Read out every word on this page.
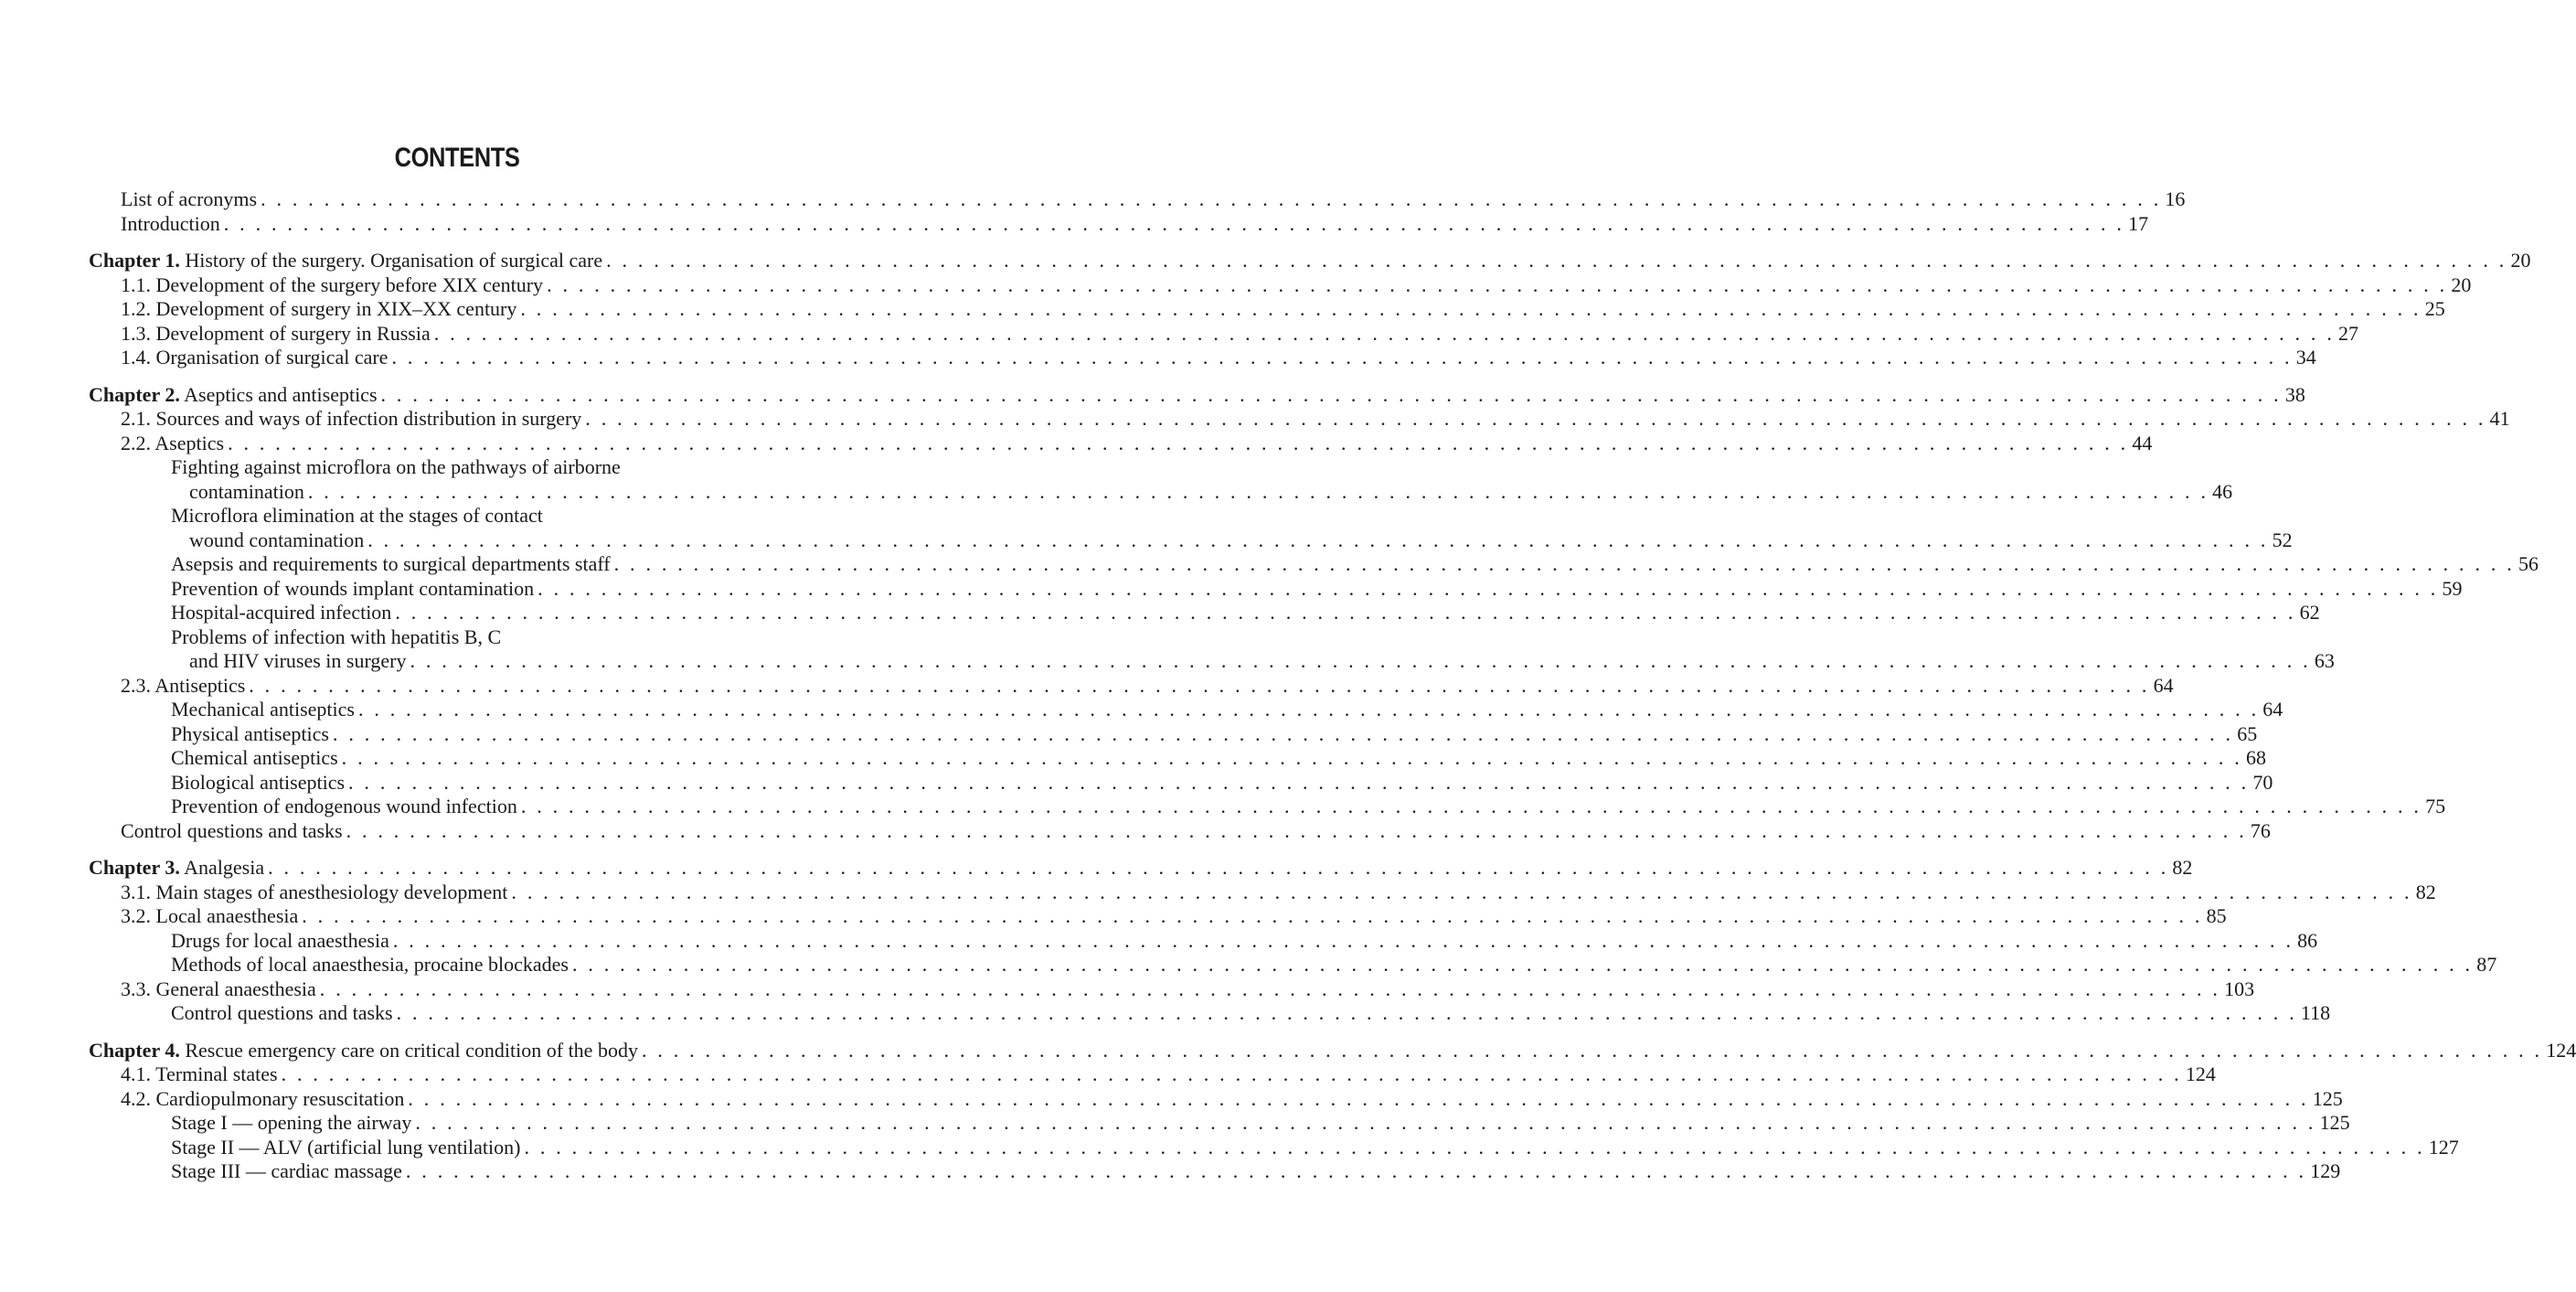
CONTENTS
List of acronyms . . . . . . . . . . . . . . . . . . . . . . . . . . . . . . . . . . . . . . . . . . . . . . . . . . . . . . . . . . . . . . . . . . . . . . . . . . . . . . . . . . . . . . . . . . . . . . . . . . . . . . . . . . . . . . . . . . . . . . . . 16
Introduction . . . . . . . . . . . . . . . . . . . . . . . . . . . . . . . . . . . . . . . . . . . . . . . . . . . . . . . . . . . . . . . . . . . . . . . . . . . . . . . . . . . . . . . . . . . . . . . . . . . . . . . . . . . . . . . . . . . . . . . . 17
Chapter 1. History of the surgery. Organisation of surgical care . . . . . . . . . . . . . . . . . . . . . . . . . . . . . . . . . . . . . . . . . . . . . . . . . . . . . . . . . . . . . . . . . . . . . . . . . . . . . . . . . . . . . . . . . . . . . . . . . . . . . . . . . . . . . . . . . . . . . . . . 20
1.1. Development of the surgery before XIX century . . . . . . . . . . . . . . . . . . . . . . . . . . . . . . . . . . . . . . . . . . . . . . . . . . . . . . . . . . . . . . . . . . . . . . . . . . . . . . . . . . . . . . . . . . . . . . . . . . . . . . . . . . . . . . . . . . . . . . . . 20
1.2. Development of surgery in XIX–XX century . . . . . . . . . . . . . . . . . . . . . . . . . . . . . . . . . . . . . . . . . . . . . . . . . . . . . . . . . . . . . . . . . . . . . . . . . . . . . . . . . . . . . . . . . . . . . . . . . . . . . . . . . . . . . . . . . . . . . . . . 25
1.3. Development of surgery in Russia . . . . . . . . . . . . . . . . . . . . . . . . . . . . . . . . . . . . . . . . . . . . . . . . . . . . . . . . . . . . . . . . . . . . . . . . . . . . . . . . . . . . . . . . . . . . . . . . . . . . . . . . . . . . . . . . . . . . . . . . 27
1.4. Organisation of surgical care . . . . . . . . . . . . . . . . . . . . . . . . . . . . . . . . . . . . . . . . . . . . . . . . . . . . . . . . . . . . . . . . . . . . . . . . . . . . . . . . . . . . . . . . . . . . . . . . . . . . . . . . . . . . . . . . . . . . . . . . 34
Chapter 2. Aseptics and antiseptics . . . . . . . . . . . . . . . . . . . . . . . . . . . . . . . . . . . . . . . . . . . . . . . . . . . . . . . . . . . . . . . . . . . . . . . . . . . . . . . . . . . . . . . . . . . . . . . . . . . . . . . . . . . . . . . . . . . . . . . . 38
2.1. Sources and ways of infection distribution in surgery . . . . . . . . . . . . . . . . . . . . . . . . . . . . . . . . . . . . . . . . . . . . . . . . . . . . . . . . . . . . . . . . . . . . . . . . . . . . . . . . . . . . . . . . . . . . . . . . . . . . . . . . . . . . . . . . . . . . . . . . 41
2.2. Aseptics . . . . . . . . . . . . . . . . . . . . . . . . . . . . . . . . . . . . . . . . . . . . . . . . . . . . . . . . . . . . . . . . . . . . . . . . . . . . . . . . . . . . . . . . . . . . . . . . . . . . . . . . . . . . . . . . . . . . . . . . 44
Fighting against microflora on the pathways of airborne
contamination . . . . . . . . . . . . . . . . . . . . . . . . . . . . . . . . . . . . . . . . . . . . . . . . . . . . . . . . . . . . . . . . . . . . . . . . . . . . . . . . . . . . . . . . . . . . . . . . . . . . . . . . . . . . . . . . . . . . . . . . 46
Microflora elimination at the stages of contact
wound contamination . . . . . . . . . . . . . . . . . . . . . . . . . . . . . . . . . . . . . . . . . . . . . . . . . . . . . . . . . . . . . . . . . . . . . . . . . . . . . . . . . . . . . . . . . . . . . . . . . . . . . . . . . . . . . . . . . . . . . . . . 52
Asepsis and requirements to surgical departments staff . . . . . . . . . . . . . . . . . . . . . . . . . . . . . . . . . . . . . . . . . . . . . . . . . . . . . . . . . . . . . . . . . . . . . . . . . . . . . . . . . . . . . . . . . . . . . . . . . . . . . . . . . . . . . . . . . . . . . . . . 56
Prevention of wounds implant contamination . . . . . . . . . . . . . . . . . . . . . . . . . . . . . . . . . . . . . . . . . . . . . . . . . . . . . . . . . . . . . . . . . . . . . . . . . . . . . . . . . . . . . . . . . . . . . . . . . . . . . . . . . . . . . . . . . . . . . . . . 59
Hospital-acquired infection . . . . . . . . . . . . . . . . . . . . . . . . . . . . . . . . . . . . . . . . . . . . . . . . . . . . . . . . . . . . . . . . . . . . . . . . . . . . . . . . . . . . . . . . . . . . . . . . . . . . . . . . . . . . . . . . . . . . . . . . 62
Problems of infection with hepatitis B, C
and HIV viruses in surgery . . . . . . . . . . . . . . . . . . . . . . . . . . . . . . . . . . . . . . . . . . . . . . . . . . . . . . . . . . . . . . . . . . . . . . . . . . . . . . . . . . . . . . . . . . . . . . . . . . . . . . . . . . . . . . . . . . . . . . . . 63
2.3. Antiseptics . . . . . . . . . . . . . . . . . . . . . . . . . . . . . . . . . . . . . . . . . . . . . . . . . . . . . . . . . . . . . . . . . . . . . . . . . . . . . . . . . . . . . . . . . . . . . . . . . . . . . . . . . . . . . . . . . . . . . . . . 64
Mechanical antiseptics . . . . . . . . . . . . . . . . . . . . . . . . . . . . . . . . . . . . . . . . . . . . . . . . . . . . . . . . . . . . . . . . . . . . . . . . . . . . . . . . . . . . . . . . . . . . . . . . . . . . . . . . . . . . . . . . . . . . . . . . 64
Physical antiseptics . . . . . . . . . . . . . . . . . . . . . . . . . . . . . . . . . . . . . . . . . . . . . . . . . . . . . . . . . . . . . . . . . . . . . . . . . . . . . . . . . . . . . . . . . . . . . . . . . . . . . . . . . . . . . . . . . . . . . . . . 65
Chemical antiseptics . . . . . . . . . . . . . . . . . . . . . . . . . . . . . . . . . . . . . . . . . . . . . . . . . . . . . . . . . . . . . . . . . . . . . . . . . . . . . . . . . . . . . . . . . . . . . . . . . . . . . . . . . . . . . . . . . . . . . . . . 68
Biological antiseptics . . . . . . . . . . . . . . . . . . . . . . . . . . . . . . . . . . . . . . . . . . . . . . . . . . . . . . . . . . . . . . . . . . . . . . . . . . . . . . . . . . . . . . . . . . . . . . . . . . . . . . . . . . . . . . . . . . . . . . . . 70
Prevention of endogenous wound infection . . . . . . . . . . . . . . . . . . . . . . . . . . . . . . . . . . . . . . . . . . . . . . . . . . . . . . . . . . . . . . . . . . . . . . . . . . . . . . . . . . . . . . . . . . . . . . . . . . . . . . . . . . . . . . . . . . . . . . . . 75
Control questions and tasks . . . . . . . . . . . . . . . . . . . . . . . . . . . . . . . . . . . . . . . . . . . . . . . . . . . . . . . . . . . . . . . . . . . . . . . . . . . . . . . . . . . . . . . . . . . . . . . . . . . . . . . . . . . . . . . . . . . . . . . . 76
Chapter 3. Analgesia . . . . . . . . . . . . . . . . . . . . . . . . . . . . . . . . . . . . . . . . . . . . . . . . . . . . . . . . . . . . . . . . . . . . . . . . . . . . . . . . . . . . . . . . . . . . . . . . . . . . . . . . . . . . . . . . . . . . . . . . 82
3.1. Main stages of anesthesiology development . . . . . . . . . . . . . . . . . . . . . . . . . . . . . . . . . . . . . . . . . . . . . . . . . . . . . . . . . . . . . . . . . . . . . . . . . . . . . . . . . . . . . . . . . . . . . . . . . . . . . . . . . . . . . . . . . . . . . . . . 82
3.2. Local anaesthesia . . . . . . . . . . . . . . . . . . . . . . . . . . . . . . . . . . . . . . . . . . . . . . . . . . . . . . . . . . . . . . . . . . . . . . . . . . . . . . . . . . . . . . . . . . . . . . . . . . . . . . . . . . . . . . . . . . . . . . . . 85
Drugs for local anaesthesia . . . . . . . . . . . . . . . . . . . . . . . . . . . . . . . . . . . . . . . . . . . . . . . . . . . . . . . . . . . . . . . . . . . . . . . . . . . . . . . . . . . . . . . . . . . . . . . . . . . . . . . . . . . . . . . . . . . . . . . . 86
Methods of local anaesthesia, procaine blockades . . . . . . . . . . . . . . . . . . . . . . . . . . . . . . . . . . . . . . . . . . . . . . . . . . . . . . . . . . . . . . . . . . . . . . . . . . . . . . . . . . . . . . . . . . . . . . . . . . . . . . . . . . . . . . . . . . . . . . . . 87
3.3. General anaesthesia . . . . . . . . . . . . . . . . . . . . . . . . . . . . . . . . . . . . . . . . . . . . . . . . . . . . . . . . . . . . . . . . . . . . . . . . . . . . . . . . . . . . . . . . . . . . . . . . . . . . . . . . . . . . . . . . . . . . . . . . 103
Control questions and tasks . . . . . . . . . . . . . . . . . . . . . . . . . . . . . . . . . . . . . . . . . . . . . . . . . . . . . . . . . . . . . . . . . . . . . . . . . . . . . . . . . . . . . . . . . . . . . . . . . . . . . . . . . . . . . . . . . . . . . . . . 118
Chapter 4. Rescue emergency care on critical condition of the body . . . . . . . . . . . . . . . . . . . . . . . . . . . . . . . . . . . . . . . . . . . . . . . . . . . . . . . . . . . . . . . . . . . . . . . . . . . . . . . . . . . . . . . . . . . . . . . . . . . . . . . . . . . . . . . . . . . . . . . . 124
4.1. Terminal states . . . . . . . . . . . . . . . . . . . . . . . . . . . . . . . . . . . . . . . . . . . . . . . . . . . . . . . . . . . . . . . . . . . . . . . . . . . . . . . . . . . . . . . . . . . . . . . . . . . . . . . . . . . . . . . . . . . . . . . . 124
4.2. Cardiopulmonary resuscitation . . . . . . . . . . . . . . . . . . . . . . . . . . . . . . . . . . . . . . . . . . . . . . . . . . . . . . . . . . . . . . . . . . . . . . . . . . . . . . . . . . . . . . . . . . . . . . . . . . . . . . . . . . . . . . . . . . . . . . . . 125
Stage I — opening the airway . . . . . . . . . . . . . . . . . . . . . . . . . . . . . . . . . . . . . . . . . . . . . . . . . . . . . . . . . . . . . . . . . . . . . . . . . . . . . . . . . . . . . . . . . . . . . . . . . . . . . . . . . . . . . . . . . . . . . . . . 125
Stage II — ALV (artificial lung ventilation) . . . . . . . . . . . . . . . . . . . . . . . . . . . . . . . . . . . . . . . . . . . . . . . . . . . . . . . . . . . . . . . . . . . . . . . . . . . . . . . . . . . . . . . . . . . . . . . . . . . . . . . . . . . . . . . . . . . . . . . . 127
Stage III — cardiac massage . . . . . . . . . . . . . . . . . . . . . . . . . . . . . . . . . . . . . . . . . . . . . . . . . . . . . . . . . . . . . . . . . . . . . . . . . . . . . . . . . . . . . . . . . . . . . . . . . . . . . . . . . . . . . . . . . . . . . . . . 129
